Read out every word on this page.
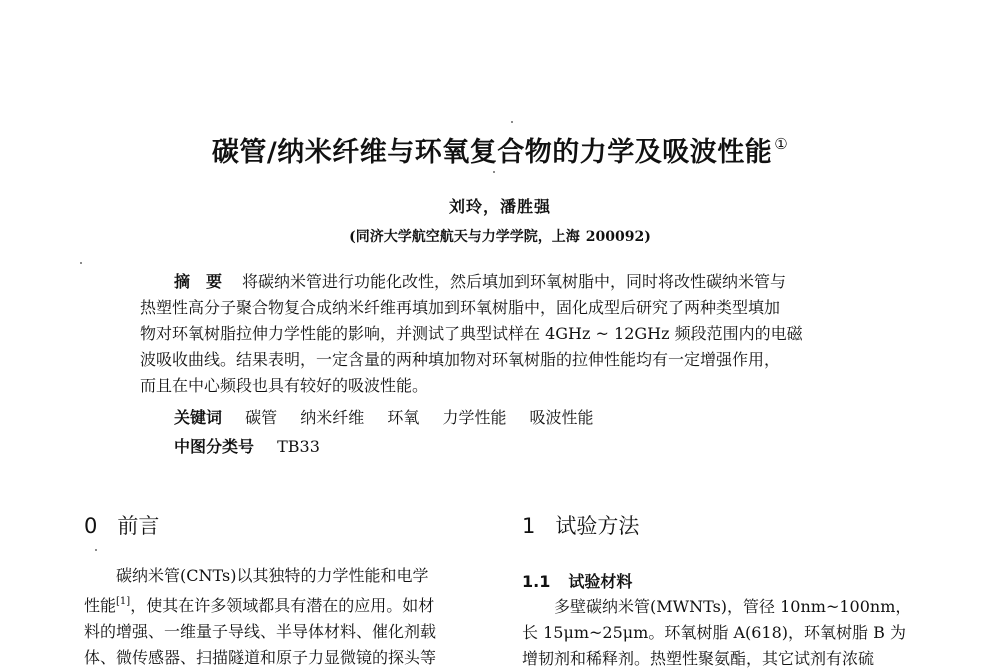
碳管/纳米纤维与环氧复合物的力学及吸波性能 ①
刘玲，潘胜强
(同济大学航空航天与力学学院，上海 200092)
摘要 将碳纳米管进行功能化改性，然后填加到环氧树脂中，同时将改性碳纳米管与
热塑性高分子聚合物复合成纳米纤维再填加到环氧树脂中，固化成型后研究了两种类型填加
物对环氧树脂拉伸力学性能的影响，并测试了典型试样在 4GHz ~ 12GHz 频段范围内的电磁
波吸收曲线。结果表明，一定含量的两种填加物对环氧树脂的拉伸性能均有一定增强作用，
而且在中心频段也具有较好的吸波性能。
关键词 碳管 纳米纤维 环氧 力学性能 吸波性能
中图分类号 TB33
0 前言
碳纳米管(CNTs)以其独特的力学性能和电学
性能[1]，使其在许多领域都具有潜在的应用。如材
料的增强、一维量子导线、半导体材料、催化剂载
体、微传感器、扫描隧道和原子力显微镜的探头等
1 试验方法
1.1 试验材料
多壁碳纳米管(MWNTs)，管径 10nm~100nm，
长 15μm~25μm。环氧树脂 A(618)，环氧树脂 B 为
增韧剂和稀释剂。热塑性聚氨酯，其它试剂有浓硫
